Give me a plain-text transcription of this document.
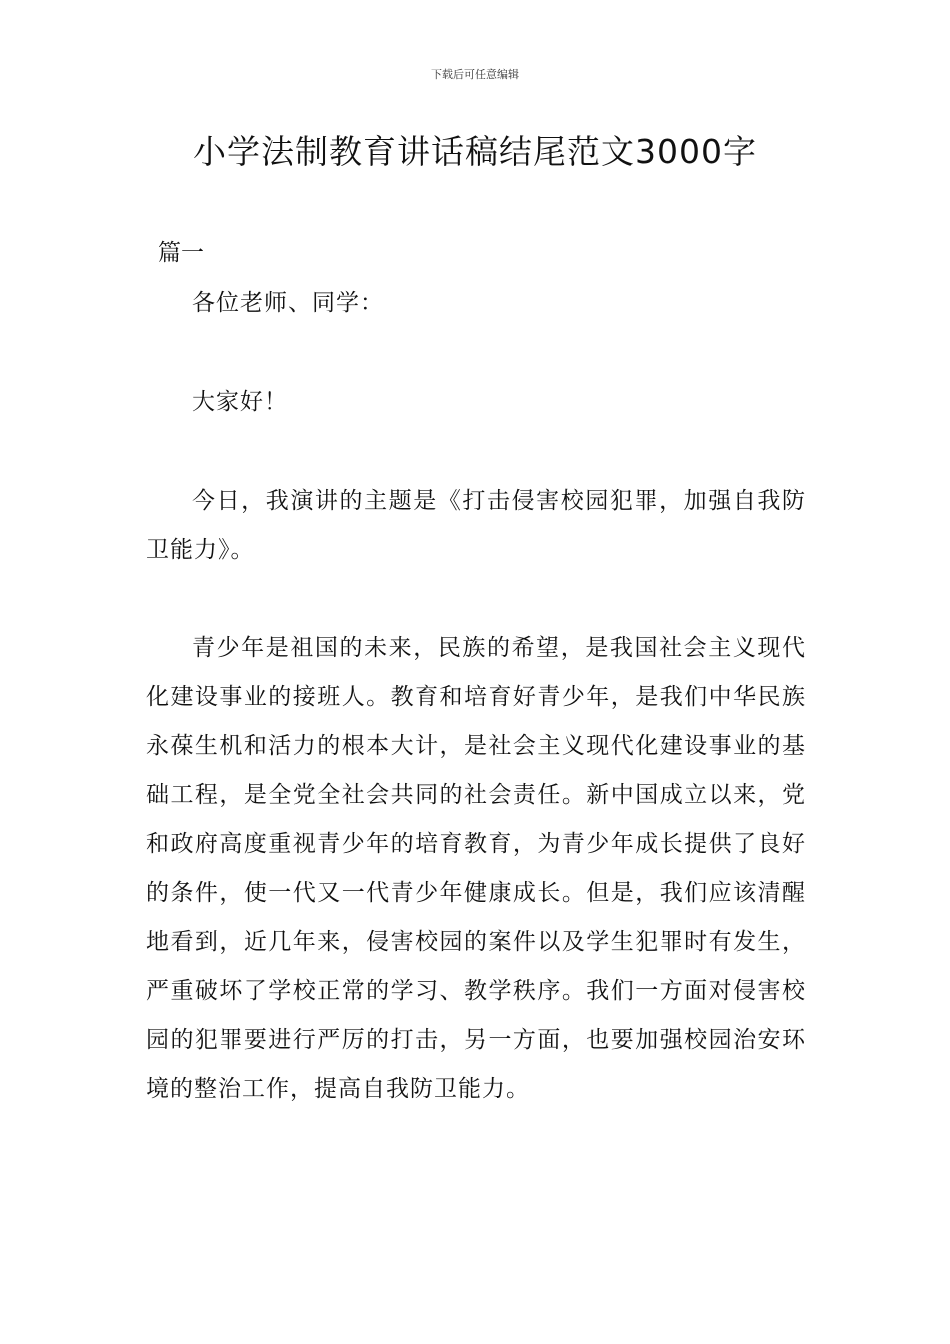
下载后可任意编辑
小学法制教育讲话稿结尾范文3000字
篇一

各位老师、同学：

大家好！

今日，我演讲的主题是《打击侵害校园犯罪，加强自我防卫能力》。

青少年是祖国的未来，民族的希望，是我国社会主义现代化建设事业的接班人。教育和培育好青少年，是我们中华民族永葆生机和活力的根本大计，是社会主义现代化建设事业的基础工程，是全党全社会共同的社会责任。新中国成立以来，党和政府高度重视青少年的培育教育，为青少年成长提供了良好的条件，使一代又一代青少年健康成长。但是，我们应该清醒地看到，近几年来，侵害校园的案件以及学生犯罪时有发生，严重破坏了学校正常的学习、教学秩序。我们一方面对侵害校园的犯罪要进行严厉的打击，另一方面，也要加强校园治安环境的整治工作，提高自我防卫能力。
